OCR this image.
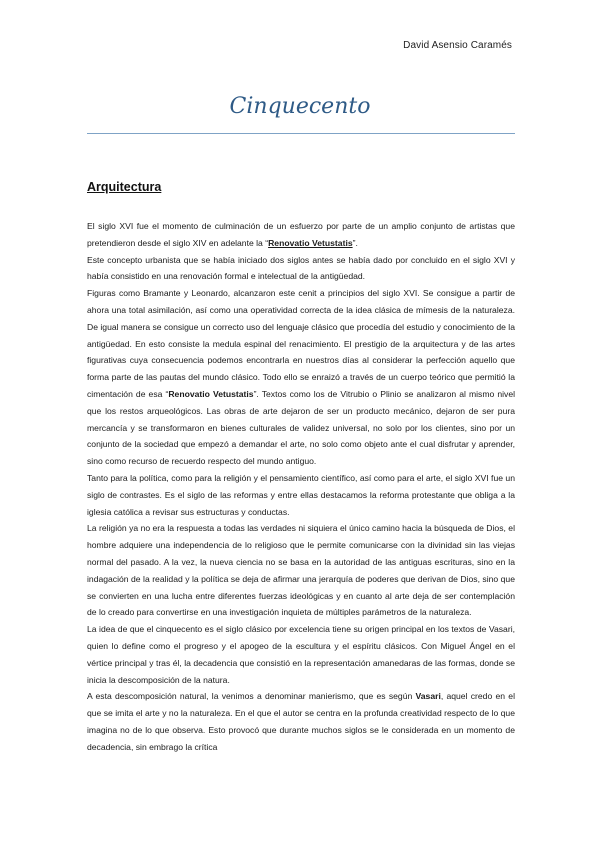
David Asensio Caramés
Cinquecento
Arquitectura

El siglo XVI fue el momento de culminación de un esfuerzo por parte de un amplio conjunto de artistas que pretendieron desde el siglo XIV en adelante la “Renovatio Vetustatis”.

Este concepto urbanista que se había iniciado dos siglos antes se había dado por concluido en el siglo XVI y había consistido en una renovación formal e intelectual de la antigüedad.

Figuras como Bramante y Leonardo, alcanzaron este cenit a principios del siglo XVI. Se consigue a partir de ahora una total asimilación, así como una operatividad correcta de la idea clásica de mímesis de la naturaleza. De igual manera se consigue un correcto uso del lenguaje clásico que procedía del estudio y conocimiento de la antigüedad. En esto consiste la medula espinal del renacimiento. El prestigio de la arquitectura y de las artes figurativas cuya consecuencia podemos encontrarla en nuestros días al considerar la perfección aquello que forma parte de las pautas del mundo clásico. Todo ello se enraizó a través de un cuerpo teórico que permitió la cimentación de esa “Renovatio Vetustatis”. Textos como los de Vitrubio o Plinio se analizaron al mismo nivel que los restos arqueológicos. Las obras de arte dejaron de ser un producto mecánico, dejaron de ser pura mercancía y se transformaron en bienes culturales de validez universal, no solo por los clientes, sino por un conjunto de la sociedad que empezó a demandar el arte, no solo como objeto ante el cual disfrutar y aprender, sino como recurso de recuerdo respecto del mundo antiguo.

Tanto para la política, como para la religión y el pensamiento científico, así como para el arte, el siglo XVI fue un siglo de contrastes. Es el siglo de las reformas y entre ellas destacamos la reforma protestante que obliga a la iglesia católica a revisar sus estructuras y conductas.

La religión ya no era la respuesta a todas las verdades ni siquiera el único camino hacia la búsqueda de Dios, el hombre adquiere una independencia de lo religioso que le permite comunicarse con la divinidad sin las viejas normal del pasado. A la vez, la nueva ciencia no se basa en la autoridad de las antiguas escrituras, sino en la indagación de la realidad y la política se deja de afirmar una jerarquía de poderes que derivan de Dios, sino que se convierten en una lucha entre diferentes fuerzas ideológicas y en cuanto al arte deja de ser contemplación de lo creado para convertirse en una investigación inquieta de múltiples parámetros de la naturaleza.

La idea de que el cinquecento es el siglo clásico por excelencia tiene su origen principal en los textos de Vasari, quien lo define como el progreso y el apogeo de la escultura y el espíritu clásicos. Con Miguel Ángel en el vértice principal y tras él, la decadencia que consistió en la representación amanedaras de las formas, donde se inicia la descomposición de la natura.

A esta descomposición natural, la venimos a denominar manierismo, que es según Vasari, aquel credo en el que se imita el arte y no la naturaleza. En el que el autor se centra en la profunda creatividad respecto de lo que imagina no de lo que observa. Esto provocó que durante muchos siglos se le considerada en un momento de decadencia, sin embrago la crítica
